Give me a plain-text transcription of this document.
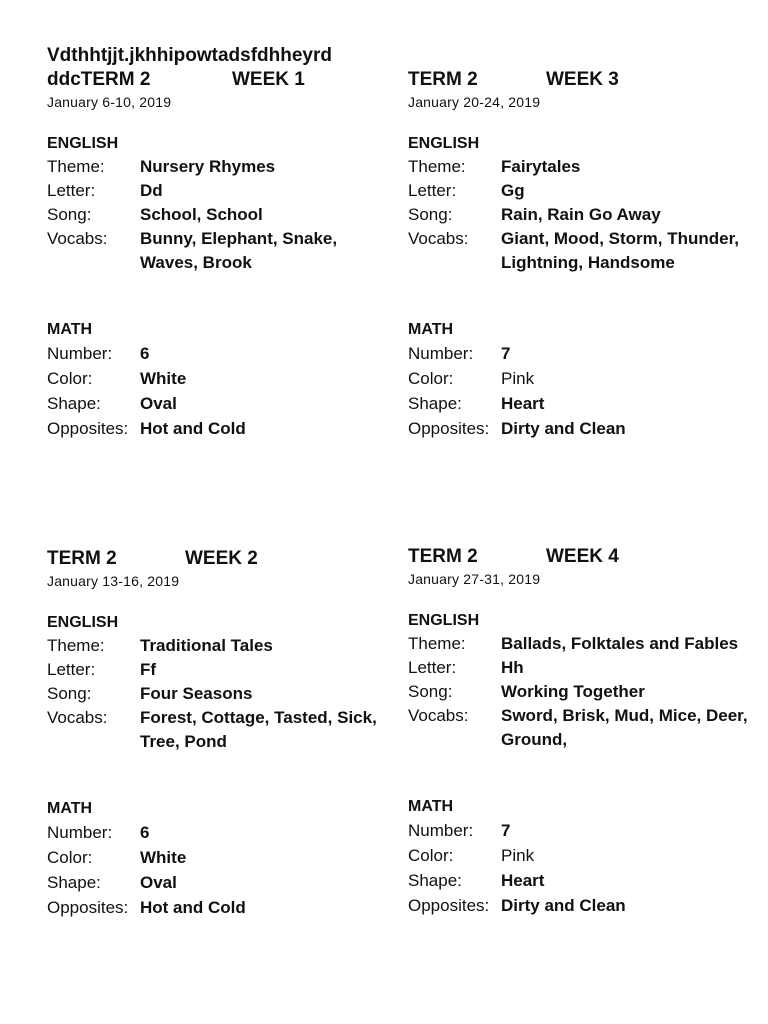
Vdthhtjjt.jkhhipowtadsfdhheyrd

ddcTERM 2	WEEK 1

January 6-10, 2019

ENGLISH

Theme:	Nursery Rhymes
Letter:	Dd
Song:	School, School
Vocabs:	Bunny, Elephant, Snake, Waves, Brook

MATH

Number:	6
Color:	White
Shape:	Oval
Opposites: Hot and Cold
TERM 2	WEEK 3

January 20-24, 2019

ENGLISH

Theme:	Fairytales
Letter:	Gg
Song:	Rain, Rain Go Away
Vocabs:	Giant, Mood, Storm, Thunder, Lightning, Handsome

MATH

Number:	7
Color:	Pink
Shape:	Heart
Opposites: Dirty and Clean
TERM 2	WEEK 2

January 13-16, 2019

ENGLISH

Theme:	Traditional Tales
Letter:	Ff
Song:	Four Seasons
Vocabs:	Forest, Cottage, Tasted, Sick, Tree, Pond

MATH

Number:	6
Color:	White
Shape:	Oval
Opposites: Hot and Cold
TERM 2	WEEK 4

January 27-31, 2019

ENGLISH

Theme:	Ballads, Folktales and Fables
Letter:	Hh
Song:	Working Together
Vocabs:	Sword, Brisk, Mud, Mice, Deer, Ground,

MATH

Number:	7
Color:	Pink
Shape:	Heart
Opposites: Dirty and Clean
